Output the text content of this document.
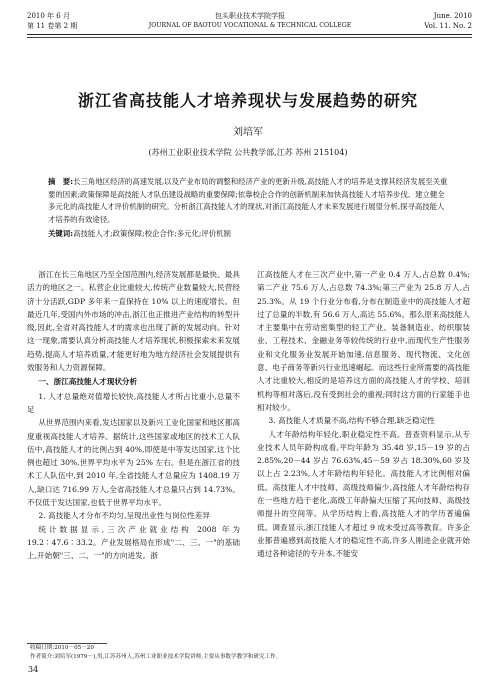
2010 年 6 月
第 11 卷第 2 期
包头职业技术学院学报
JOURNAL OF BAOTOU VOCATIONAL & TECHNICAL COLLEGE
June. 2010
Vol. 11. No. 2
浙江省高技能人才培养现状与发展趋势的研究
刘培军
(苏州工业职业技术学院 公共教学部,江苏 苏州 215104)
摘　要:长三角地区经济的高速发展,以及产业布局的调整和经济产业的更新升级,高技能人才的培养是支撑其经济发展至关重要的因素;政策保障是高技能人才队伍建设战略的重要保障;依靠校企合作的创新机制来加快高技能人才培养步伐、建立健全多元化的高技能人才评价机制的研究。分析浙江高技能人才的现状,对浙江高技能人才未来发展进行展望分析,探寻高技能人才培养的有效途径。
关键词:高技能人才;政策保障;校企合作;多元化;评价机制

浙江在长三角地区乃至全国范围内,经济发展都是最快、最具活力的地区之一。私营企业比重较大,传统产业数量较大,民营经济十分活跃,GDP 多年来一直保持在 10% 以上的速度增长。但最近几年,受国内外市场的冲击,浙江也正推进产业结构的转型升级,因此,全省对高技能人才的需求也出现了新的发展动向。针对这一现象,需要认真分析高技能人才培养现状,积极探索未来发展趋势,提高人才培养质量,才能更好地为地方经济社会发展提供有效服务和人力资源保障。

一、浙江高技能人才现状分析

1. 人才总量绝对值增长较快,高技能人才所占比重小,总量不足

从世界范围内来看,发达国家以及新兴工业化国家和地区都高度重视高技能人才培养。据统计,这些国家或地区的技术工人队伍中,高技能人才的比例占到 40%,即使是中等发达国家,这个比例也超过 30%,世界平均水平为 25% 左右。但是在浙江省的技术工人队伍中,到 2010 年,全省技能人才总量应为 1408.19 万人,缺口达 716.99 万人,全省高技能人才总量只占到 14.73%。不仅低于发达国家,也低于世界平均水平。

2. 高技能人才分布不均匀,呈现出业性与岗位性差异

统计数据显示,三次产业就业结构 2008 年为 19.2∶47.6∶33.2。产业发展格局在形成"二、三、一"的基础上,开始朝"三、二、一"的方向进发。浙

江高技能人才在三次产业中,第一产业 0.4 万人,占总数 0.4%;第二产业 75.6 万人,占总数 74.3%;第三产业为 25.8 万人,占 25.3%。从 19 个行业分布看,分布在制造业中的高技能人才超过了总量的半数,有 56.6 万人,高达 55.6%。那么原来高技能人才主要集中在劳动密集型的轻工产业、装备制造业、纺织服装业、工程技术、金融业务等较传统的行业中,而现代生产性服务业和文化服务业发展开始加速,信息服务、现代物流、文化创意、电子商务等新兴行业迅速崛起。而这些行业所需要的高技能人才比重较大,相反的是培养这方面的高技能人才的学校、培训机构等相对落后,没有受到社会的重视;同时这方面的行家能手也相对较少。

3. 高技能人才质量不高,结构不够合理,缺乏稳定性

人才年龄结构年轻化,职业稳定性不高。普查资料显示,从专业技术人员年龄构成看,平均年龄为 35.48 岁,15－19 岁的占 2.85%,20－44 岁占 76.63%,45－59 岁占 18.30%,60 岁及以上占 2.23%,人才年龄结构年轻化。高技能人才比例相对偏低。高技能人才中技师、高级技师偏少,高技能人才年龄结构存在一些地方趋于老化,高级工年龄偏大压缩了其向技师、高级技师提升的空间等。从学历结构上看,高技能人才的学历普遍偏低。调查显示,浙江技能人才超过 9 成未受过高等教育。许多企业都普遍感到高技能人才的稳定性不高,许多人刚进企业就开始通过各种途径的专升本,不能安

收稿日期:2010－05－20
作者简介:刘培军(1979－),男,江苏苏州人,苏州工业职业技术学院讲师,主要从事数学教学和研究工作。
34
